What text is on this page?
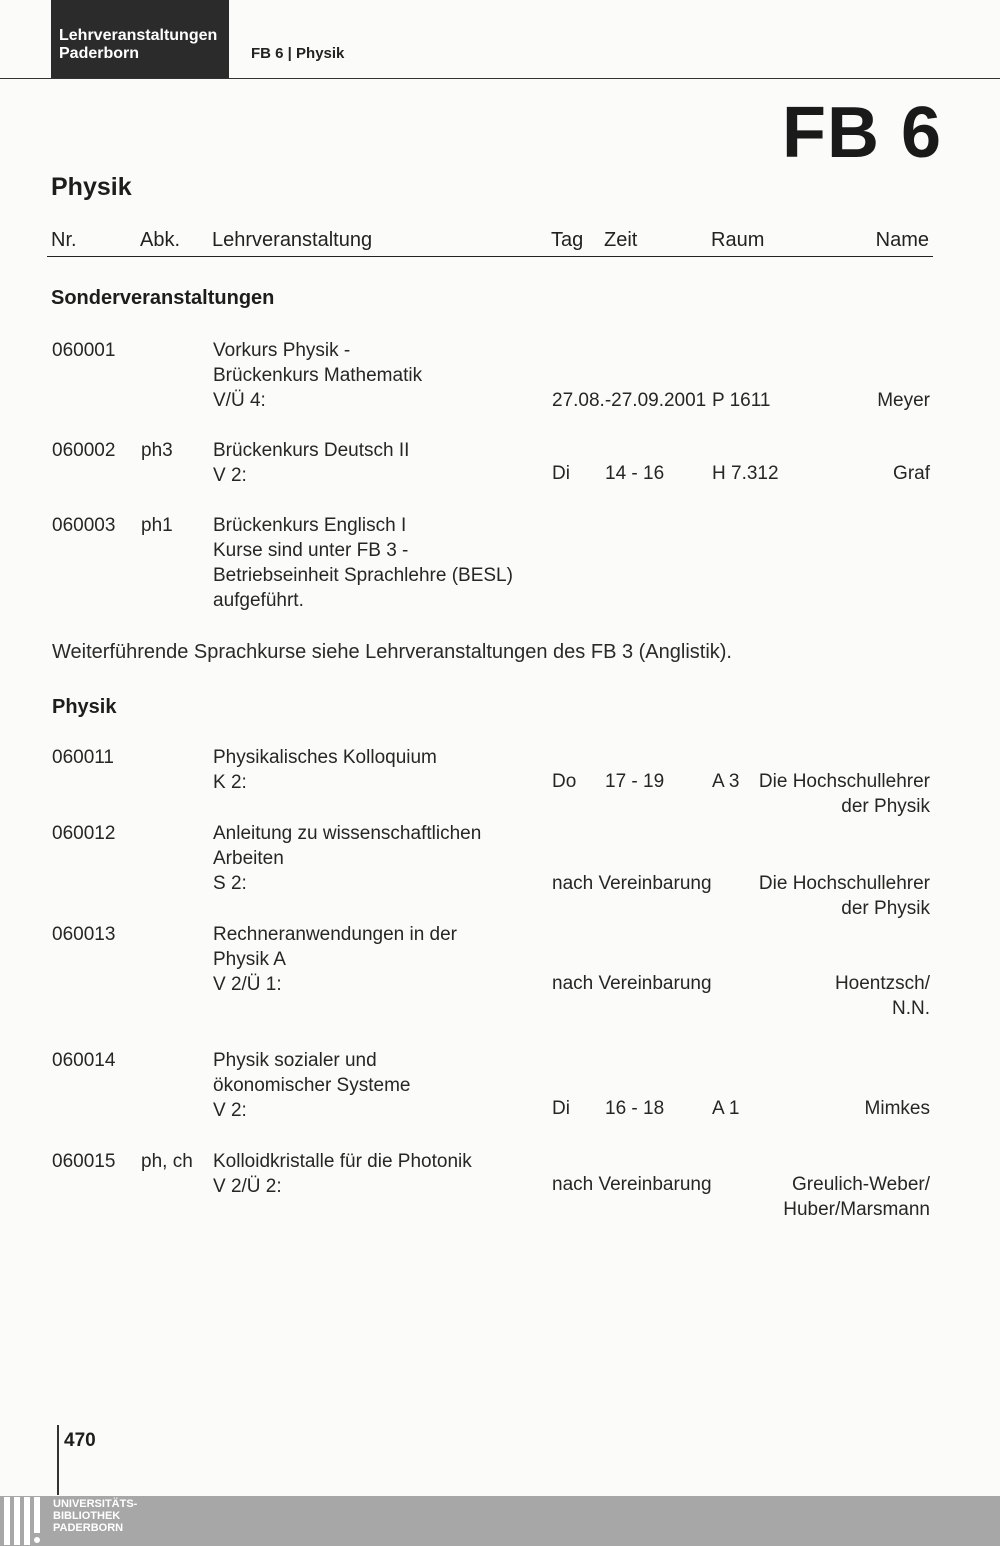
Lehrveranstaltungen
Paderborn	FB 6 | Physik
FB 6
Physik
Nr.	Abk. Lehrveranstaltung	Tag Zeit	Raum	Name
Sonderveranstaltungen
060001	Vorkurs Physik -
Brückenkurs Mathematik
V/Ü 4:	27.08.-27.09.2001 P 1611	Meyer
060002 ph3 Brückenkurs Deutsch II
V 2:	Di 14 - 16	H 7.312	Graf
060003 ph1 Brückenkurs Englisch I
Kurse sind unter FB 3 -
Betriebseinheit Sprachlehre (BESL)
aufgeführt.
Weiterführende Sprachkurse siehe Lehrveranstaltungen des FB 3 (Anglistik).
Physik
060011	Physikalisches Kolloquium
K 2:	Do 17 - 19	A 3	Die Hochschullehrer
der Physik
060012	Anleitung zu wissenschaftlichen
Arbeiten
S 2:	nach Vereinbarung	Die Hochschullehrer
der Physik
060013	Rechneranwendungen in der
Physik A
V 2/Ü 1:	nach Vereinbarung	Hoentzsch/
N.N.
060014	Physik sozialer und
ökonomischer Systeme
V 2:	Di 16 - 18	A 1	Mimkes
060015 ph, ch Kolloidkristalle für die Photonik
V 2/Ü 2:	nach Vereinbarung	Greulich-Weber/
Huber/Marsmann
470
UNIVERSITÄTS-
BIBLIOTHEK
PADERBORN
